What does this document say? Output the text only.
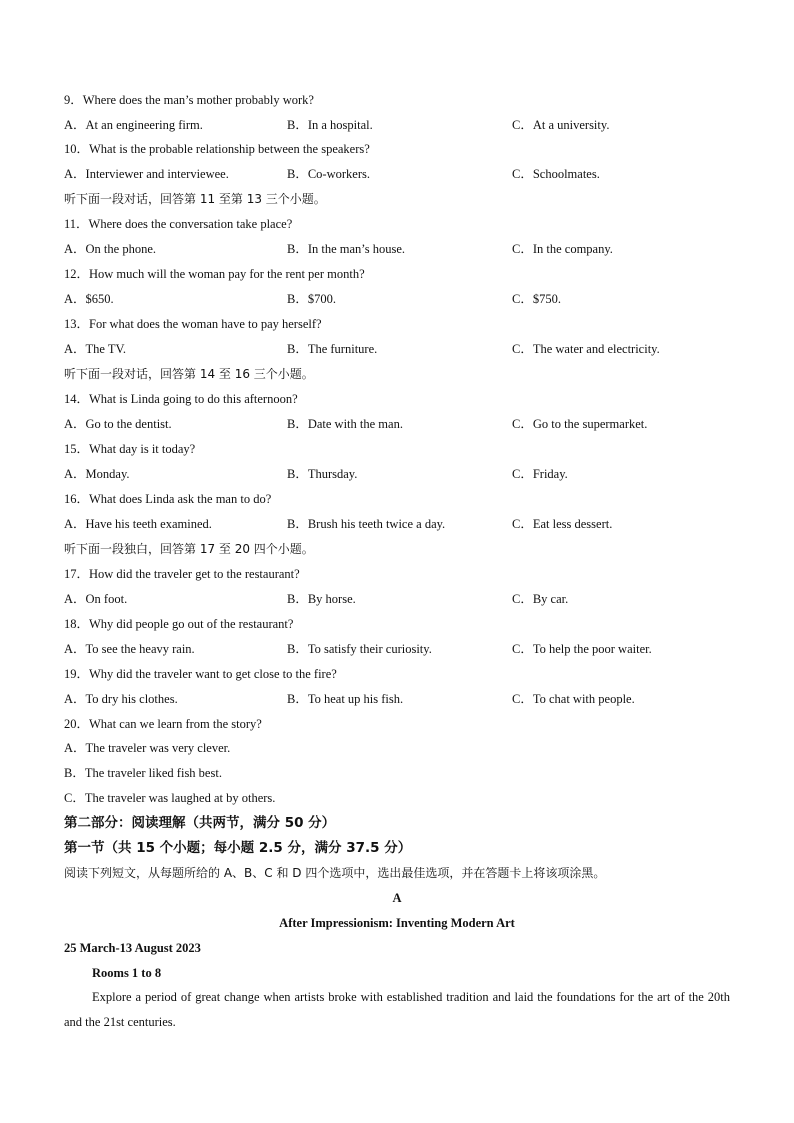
9．Where does the man’s mother probably work?
A．At an engineering firm.	B．In a hospital.	C．At a university.
10．What is the probable relationship between the speakers?
A．Interviewer and interviewee.	B．Co-workers.	C．Schoolmates.
听下面一段对话，回答第 11 至第 13 三个小题。
11．Where does the conversation take place?
A．On the phone.	B．In the man’s house.	C．In the company.
12．How much will the woman pay for the rent per month?
A．$650.	B．$700.	C．$750.
13．For what does the woman have to pay herself?
A．The TV.	B．The furniture.	C．The water and electricity.
听下面一段对话，回答第 14 至 16 三个小题。
14．What is Linda going to do this afternoon?
A．Go to the dentist.	B．Date with the man.	C．Go to the supermarket.
15．What day is it today?
A．Monday.	B．Thursday.	C．Friday.
16．What does Linda ask the man to do?
A．Have his teeth examined.	B．Brush his teeth twice a day.	C．Eat less dessert.
听下面一段独白，回答第 17 至 20 四个小题。
17．How did the traveler get to the restaurant?
A．On foot.	B．By horse.	C．By car.
18．Why did people go out of the restaurant?
A．To see the heavy rain.	B．To satisfy their curiosity.	C．To help the poor waiter.
19．Why did the traveler want to get close to the fire?
A．To dry his clothes.	B．To heat up his fish.	C．To chat with people.
20．What can we learn from the story?
A．The traveler was very clever.
B．The traveler liked fish best.
C．The traveler was laughed at by others.
第二部分：阅读理解（共两节，满分 50 分）
第一节（共 15 个小题；每小题 2.5 分，满分 37.5 分）
阅读下列短文，从每题所给的 A、B、C 和 D 四个选项中，选出最佳选项，并在答题卡上将该项涂黑。
A
After Impressionism: Inventing Modern Art
25 March-13 August 2023
Rooms 1 to 8
Explore a period of great change when artists broke with established tradition and laid the foundations for the art of the 20th and the 21st centuries.
